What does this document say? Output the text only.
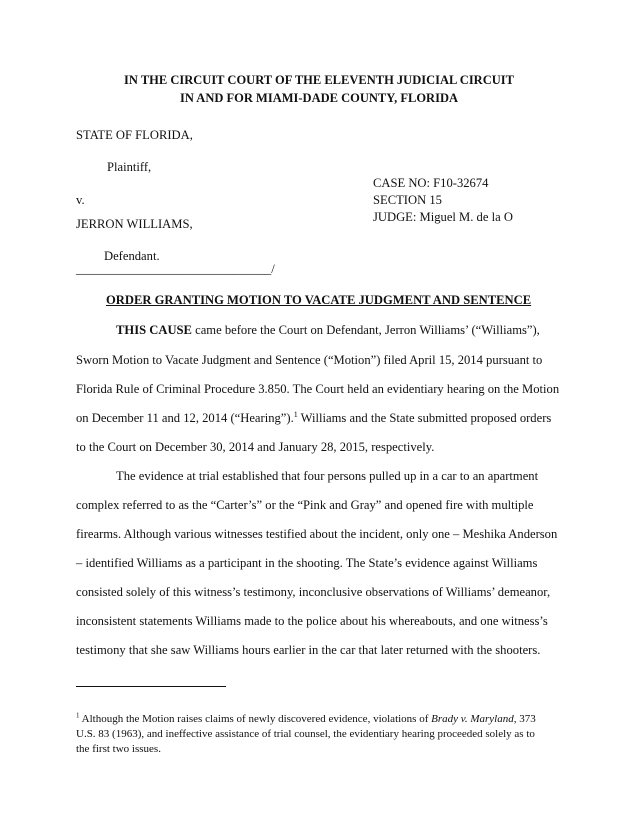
IN THE CIRCUIT COURT OF THE ELEVENTH JUDICIAL CIRCUIT
IN AND FOR MIAMI-DADE COUNTY, FLORIDA
STATE OF FLORIDA,
Plaintiff,
v.
JERRON WILLIAMS,
Defendant.
_______________________________/
CASE NO: F10-32674
SECTION 15
JUDGE: Miguel M. de la O
ORDER GRANTING MOTION TO VACATE JUDGMENT AND SENTENCE
THIS CAUSE came before the Court on Defendant, Jerron Williams’ (“Williams”),
Sworn Motion to Vacate Judgment and Sentence (“Motion”) filed April 15, 2014 pursuant to
Florida Rule of Criminal Procedure 3.850. The Court held an evidentiary hearing on the Motion
on December 11 and 12, 2014 (“Hearing”).$^1$ Williams and the State submitted proposed orders
to the Court on December 30, 2014 and January 28, 2015, respectively.
The evidence at trial established that four persons pulled up in a car to an apartment
complex referred to as the “Carter’s” or the “Pink and Gray” and opened fire with multiple
firearms. Although various witnesses testified about the incident, only one – Meshika Anderson
– identified Williams as a participant in the shooting. The State’s evidence against Williams
consisted solely of this witness’s testimony, inconclusive observations of Williams’ demeanor,
inconsistent statements Williams made to the police about his whereabouts, and one witness’s
testimony that she saw Williams hours earlier in the car that later returned with the shooters.
$^1$ Although the Motion raises claims of newly discovered evidence, violations of Brady v. Maryland, 373
U.S. 83 (1963), and ineffective assistance of trial counsel, the evidentiary hearing proceeded solely as to
the first two issues.
